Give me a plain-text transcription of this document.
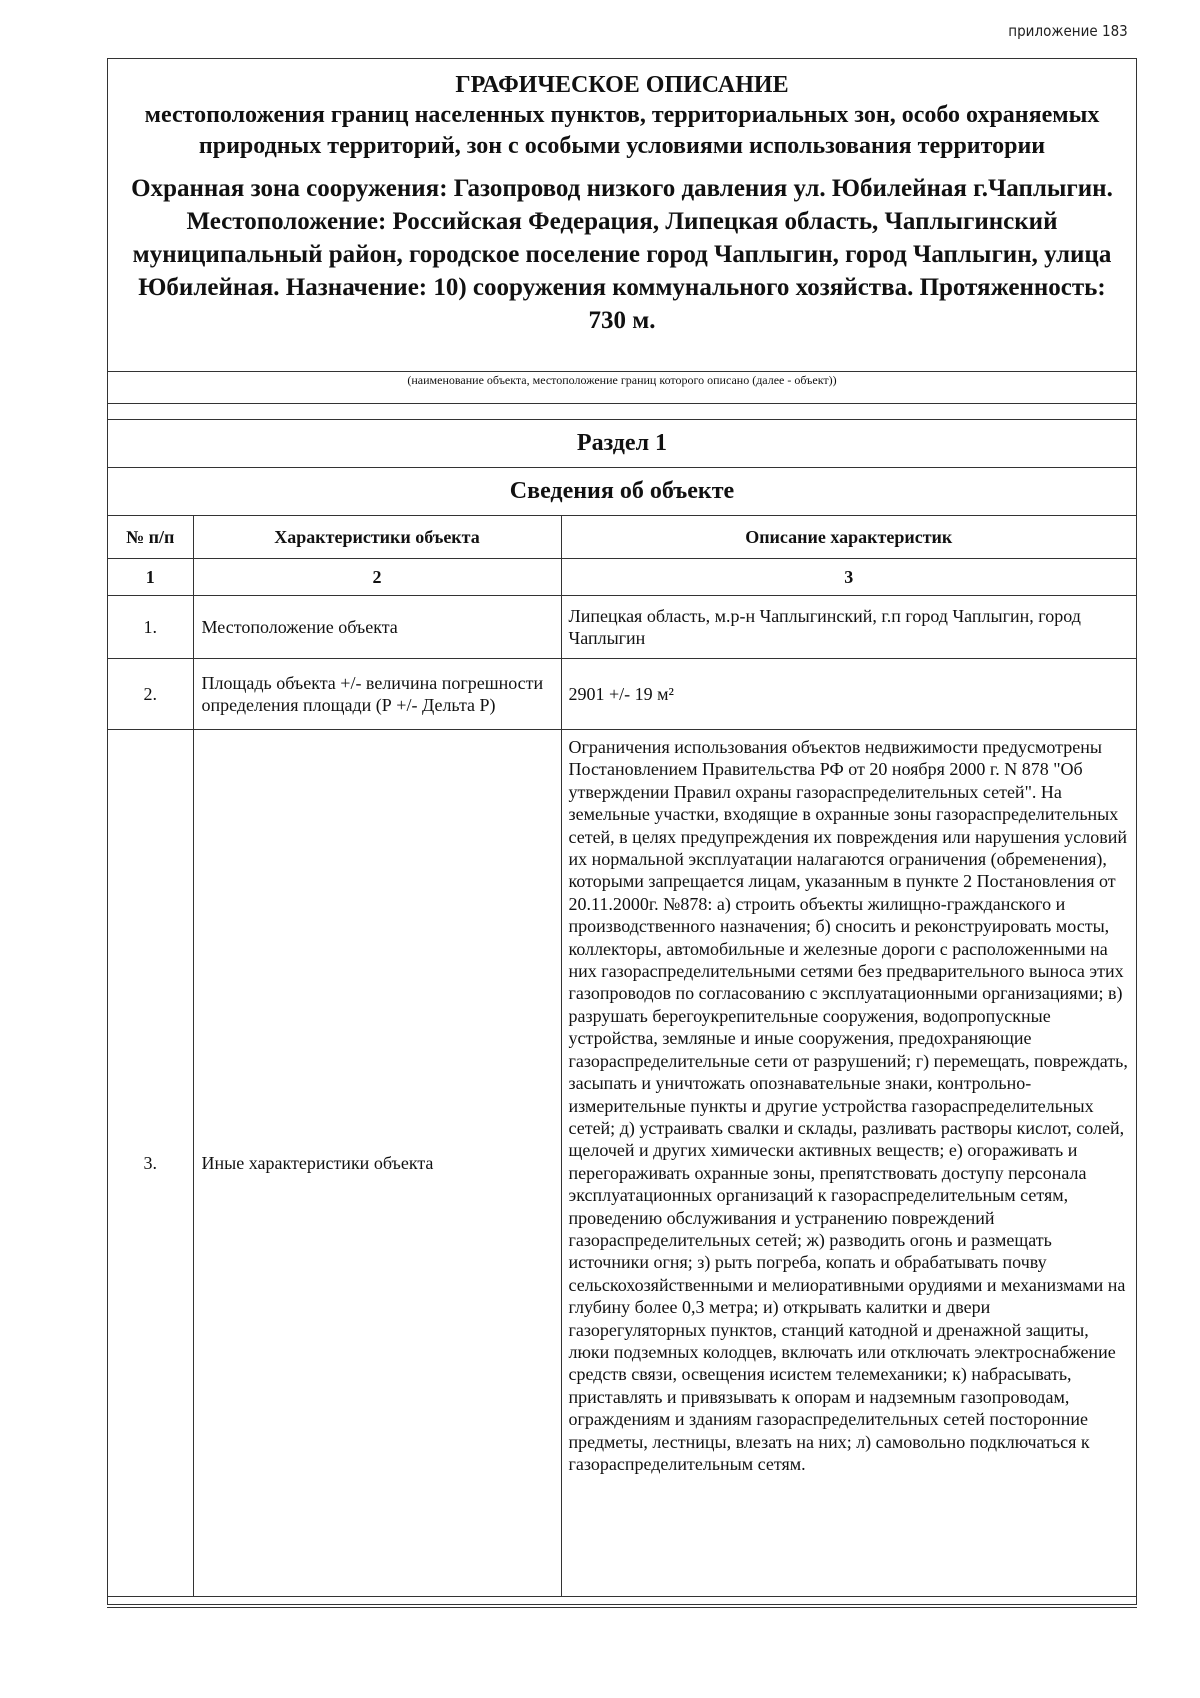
приложение 183
ГРАФИЧЕСКОЕ ОПИСАНИЕ
местоположения границ населенных пунктов, территориальных зон, особо охраняемых природных территорий, зон с особыми условиями использования территории
Охранная зона сооружения: Газопровод низкого давления ул. Юбилейная г.Чаплыгин. Местоположение: Российская Федерация, Липецкая область, Чаплыгинский муниципальный район, городское поселение город Чаплыгин, город Чаплыгин, улица Юбилейная. Назначение: 10) сооружения коммунального хозяйства. Протяженность: 730 м.
(наименование объекта, местоположение границ которого описано (далее - объект))
Раздел 1
Сведения об объекте
№ п/п	Характеристики объекта	Описание характеристик
1	2	3
1.	Местоположение объекта	Липецкая область, м.р-н Чаплыгинский, г.п город Чаплыгин, город Чаплыгин
2.	Площадь объекта +/- величина погрешности определения площади (Р +/- Дельта Р)	2901 +/- 19 м²
3.	Иные характеристики объекта	Ограничения использования объектов недвижимости предусмотрены Постановлением Правительства РФ от 20 ноября 2000 г. N 878 "Об утверждении Правил охраны газораспределительных сетей". На земельные участки, входящие в охранные зоны газораспределительных сетей, в целях предупреждения их повреждения или нарушения условий их нормальной эксплуатации налагаются ограничения (обременения), которыми запрещается лицам, указанным в пункте 2 Постановления от 20.11.2000г. №878: а) строить объекты жилищно-гражданского и производственного назначения; б) сносить и реконструировать мосты, коллекторы, автомобильные и железные дороги с расположенными на них газораспределительными сетями без предварительного выноса этих газопроводов по согласованию с эксплуатационными организациями; в) разрушать берегоукрепительные сооружения, водопропускные устройства, земляные и иные сооружения, предохраняющие газораспределительные сети от разрушений; г) перемещать, повреждать, засыпать и уничтожать опознавательные знаки, контрольно-измерительные пункты и другие устройства газораспределительных сетей; д) устраивать свалки и склады, разливать растворы кислот, солей, щелочей и других химически активных веществ; е) огораживать и перегораживать охранные зоны, препятствовать доступу персонала эксплуатационных организаций к газораспределительным сетям, проведению обслуживания и устранению повреждений газораспределительных сетей; ж) разводить огонь и размещать источники огня; з) рыть погреба, копать и обрабатывать почву сельскохозяйственными и мелиоративными орудиями и механизмами на глубину более 0,3 метра; и) открывать калитки и двери газорегуляторных пунктов, станций катодной и дренажной защиты, люки подземных колодцев, включать или отключать электроснабжение средств связи, освещения исистем телемеханики; к) набрасывать, приставлять и привязывать к опорам и надземным газопроводам, ограждениям и зданиям газораспределительных сетей посторонние предметы, лестницы, влезать на них; л) самовольно подключаться к газораспределительным сетям.
